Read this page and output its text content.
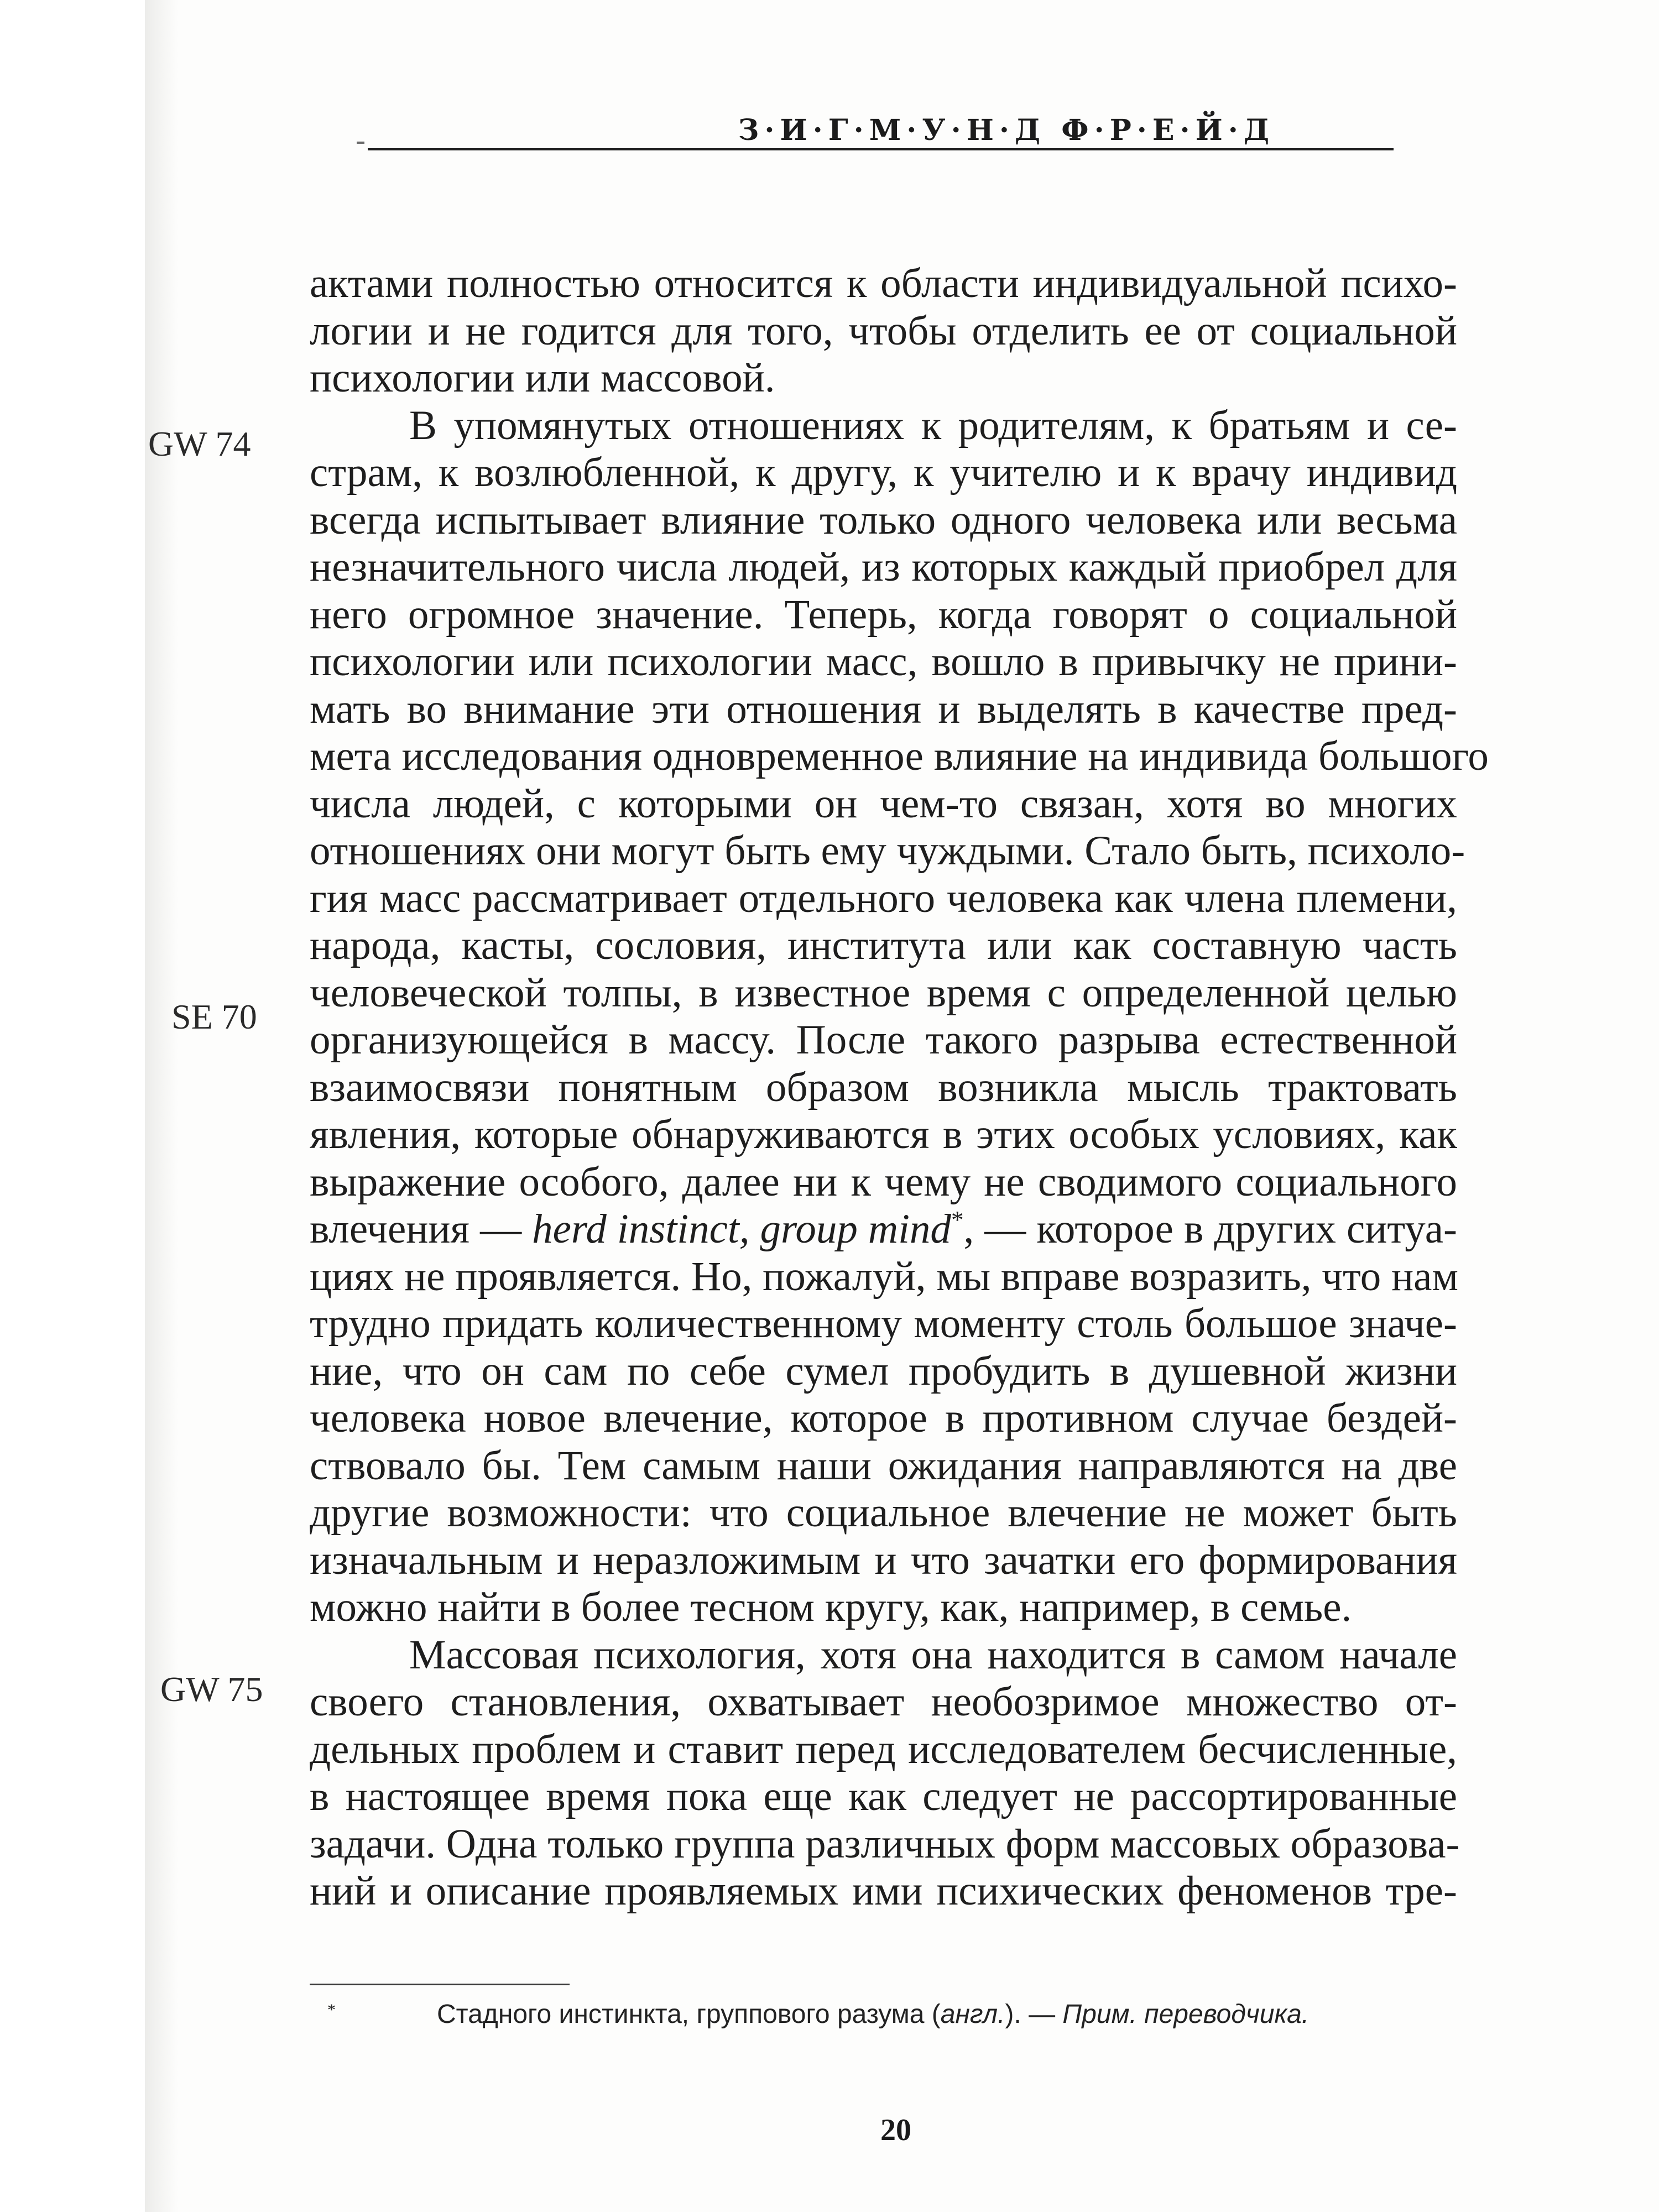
З·И·Г·М·У·Н·Д Ф·Р·Е·Й·Д
GW 74
SE 70
GW 75
актами полностью относится к области индивидуальной психо-
логии и не годится для того, чтобы отделить ее от социальной
психологии или массовой.
В упомянутых отношениях к родителям, к братьям и се-
страм, к возлюбленной, к другу, к учителю и к врачу индивид
всегда испытывает влияние только одного человека или весьма
незначительного числа людей, из которых каждый приобрел для
него огромное значение. Теперь, когда говорят о социальной
психологии или психологии масс, вошло в привычку не прини-
мать во внимание эти отношения и выделять в качестве пред-
мета исследования одновременное влияние на индивида большого
числа людей, с которыми он чем-то связан, хотя во многих
отношениях они могут быть ему чуждыми. Стало быть, психоло-
гия масс рассматривает отдельного человека как члена племени,
народа, касты, сословия, института или как составную часть
человеческой толпы, в известное время с определенной целью
организующейся в массу. После такого разрыва естественной
взаимосвязи понятным образом возникла мысль трактовать
явления, которые обнаруживаются в этих особых условиях, как
выражение особого, далее ни к чему не сводимого социального
влечения — herd instinct, group mind*, — которое в других ситуа-
циях не проявляется. Но, пожалуй, мы вправе возразить, что нам
трудно придать количественному моменту столь большое значе-
ние, что он сам по себе сумел пробудить в душевной жизни
человека новое влечение, которое в противном случае бездей-
ствовало бы. Тем самым наши ожидания направляются на две
другие возможности: что социальное влечение не может быть
изначальным и неразложимым и что зачатки его формирования
можно найти в более тесном кругу, как, например, в семье.
Массовая психология, хотя она находится в самом начале
своего становления, охватывает необозримое множество от-
дельных проблем и ставит перед исследователем бесчисленные,
в настоящее время пока еще как следует не рассортированные
задачи. Одна только группа различных форм массовых образова-
ний и описание проявляемых ими психических феноменов тре-
*	Стадного инстинкта, группового разума (англ.). — Прим. переводчика.
20
